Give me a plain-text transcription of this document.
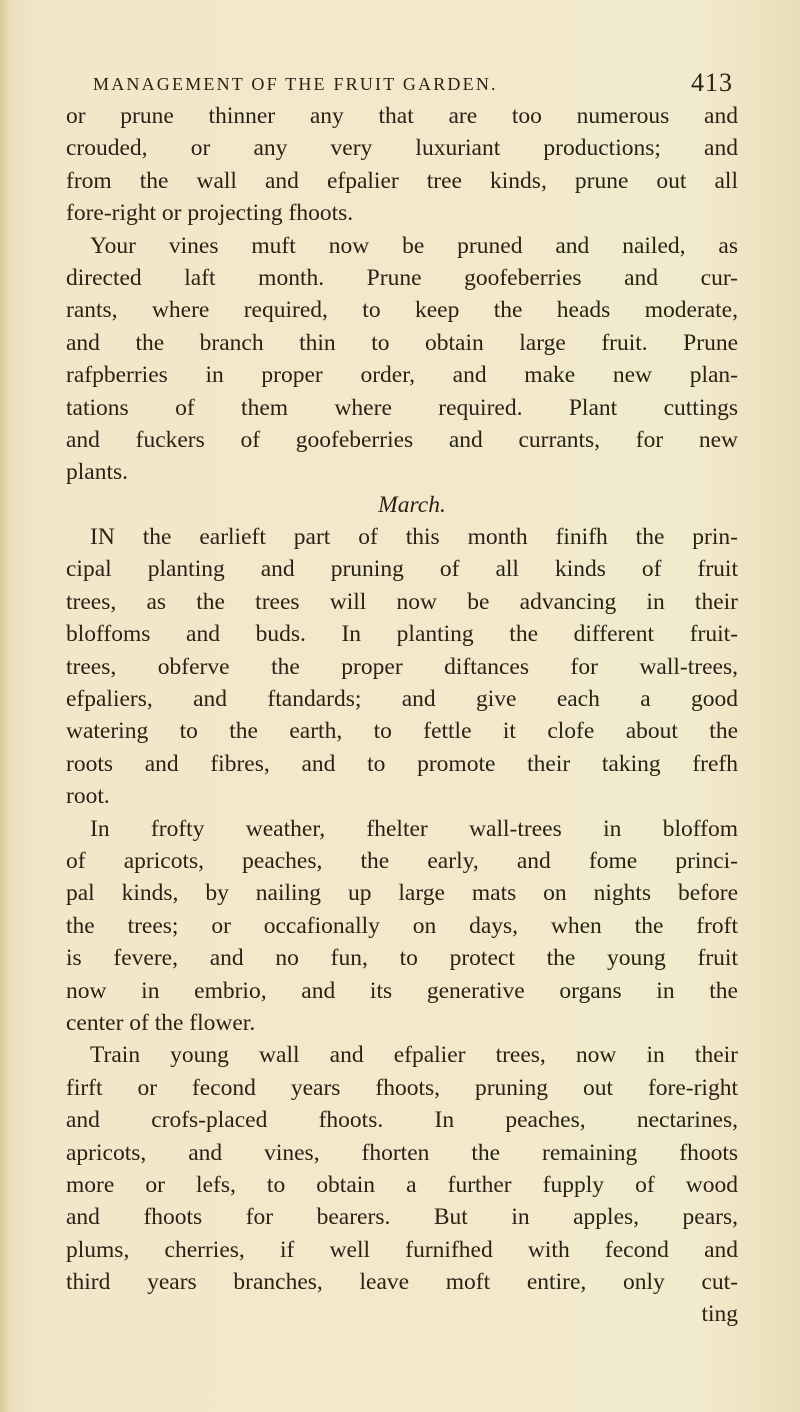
MANAGEMENT OF THE FRUIT GARDEN.	413
or prune thinner any that are too numerous and
crouded, or any very luxuriant productions; and
from the wall and efpalier tree kinds, prune out all
fore-right or projecting fhoots.
Your vines muft now be pruned and nailed, as
directed laft month. Prune goofeberries and cur-
rants, where required, to keep the heads moderate,
and the branch thin to obtain large fruit. Prune
rafpberries in proper order, and make new plan-
tations of them where required. Plant cuttings
and fuckers of goofeberries and currants, for new
plants.
March.
IN the earlieft part of this month finifh the prin-
cipal planting and pruning of all kinds of fruit
trees, as the trees will now be advancing in their
bloffoms and buds. In planting the different fruit-
trees, obferve the proper diftances for wall-trees,
efpaliers, and ftandards; and give each a good
watering to the earth, to fettle it clofe about the
roots and fibres, and to promote their taking frefh
root.
In frofty weather, fhelter wall-trees in bloffom
of apricots, peaches, the early, and fome princi-
pal kinds, by nailing up large mats on nights before
the trees; or occafionally on days, when the froft
is fevere, and no fun, to protect the young fruit
now in embrio, and its generative organs in the
center of the flower.
Train young wall and efpalier trees, now in their
firft or fecond years fhoots, pruning out fore-right
and crofs-placed fhoots. In peaches, nectarines,
apricots, and vines, fhorten the remaining fhoots
more or lefs, to obtain a further fupply of wood
and fhoots for bearers. But in apples, pears,
plums, cherries, if well furnifhed with fecond and
third years branches, leave moft entire, only cut-
ting
